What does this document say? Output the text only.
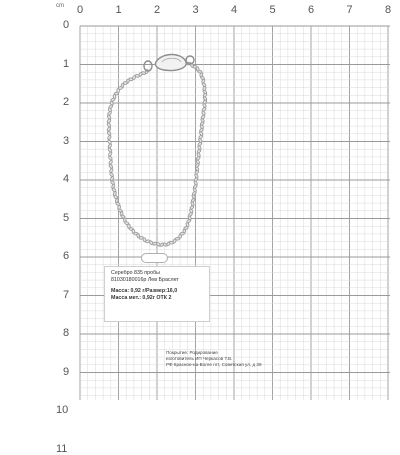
cm 0	1	2	3	4	5	6	7	8
0
1
2
3
4
5
6
7
8
9
10
11
Серебро 835 пробы
81030180016р Лев Браслет
Масса: 0,92 г/Размер:16,0
Масса мет.: 0,92г ОТК 2
Покрытие: Родирование
изготовитель ИП Черкасов Т.В.
РФ Красное-на-Волге пгт, Советская ул, д 39
